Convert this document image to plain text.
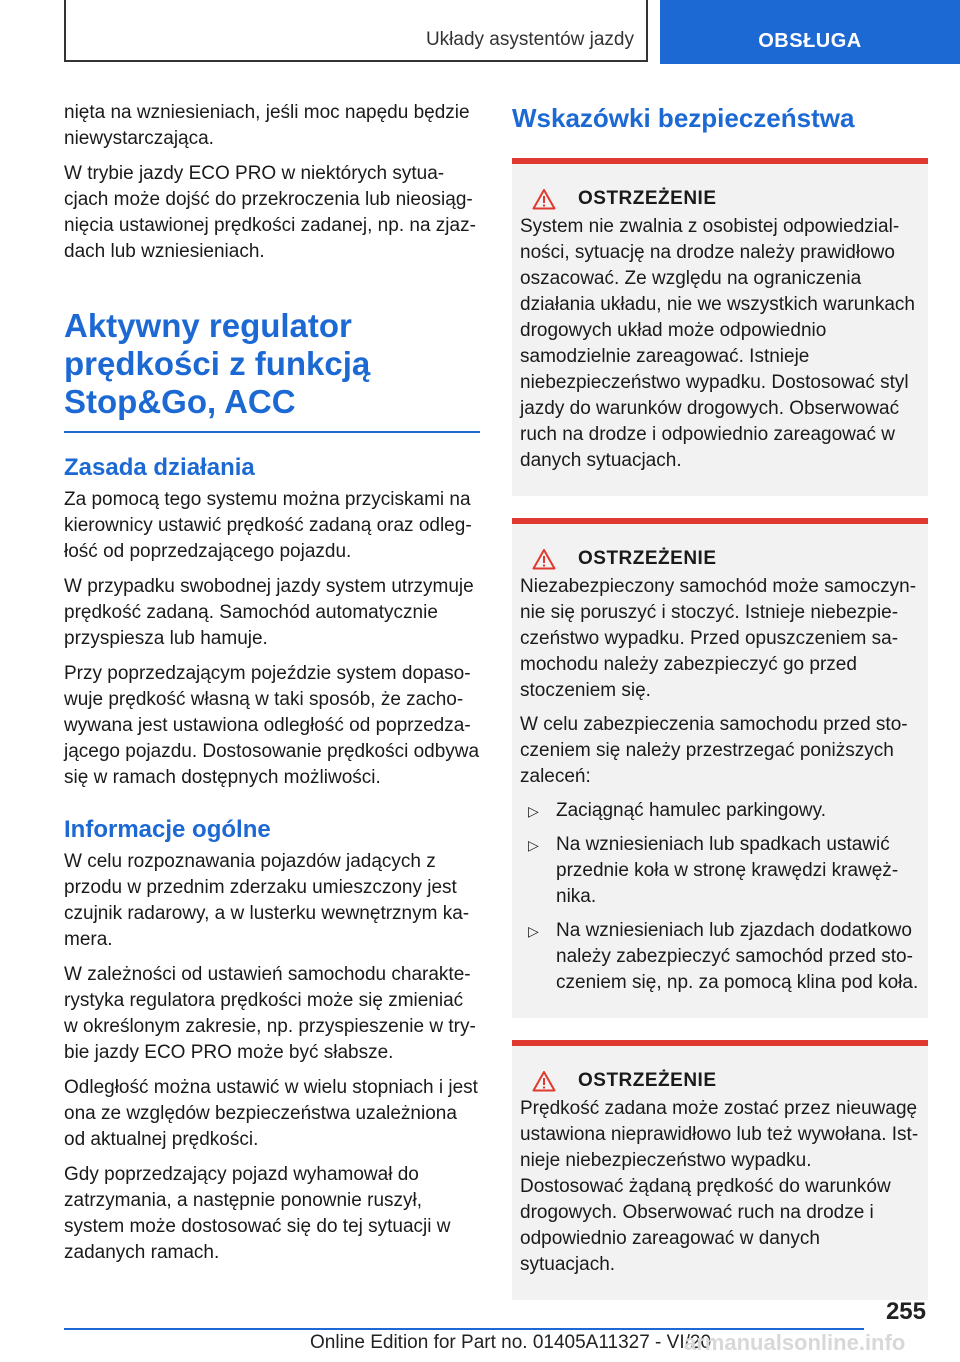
Układy asystentów jazdy	OBSŁUGA

nięta na wzniesieniach, jeśli moc napędu będzie niewystarczająca.

W trybie jazdy ECO PRO w niektórych sytuacjach może dojść do przekroczenia lub nieosiągnięcia ustawionej prędkości zadanej, np. na zjazdach lub wzniesieniach.

Aktywny regulator prędkości z funkcją Stop&Go, ACC
Zasada działania

Za pomocą tego systemu można przyciskami na kierownicy ustawić prędkość zadaną oraz odległość od poprzedzającego pojazdu.

W przypadku swobodnej jazdy system utrzymuje prędkość zadaną. Samochód automatycznie przyspiesza lub hamuje.

Przy poprzedzającym pojeździe system dopasowuje prędkość własną w taki sposób, że zachowywana jest ustawiona odległość od poprzedzającego pojazdu. Dostosowanie prędkości odbywa się w ramach dostępnych możliwości.

Informacje ogólne

W celu rozpoznawania pojazdów jadących z przodu w przednim zderzaku umieszczony jest czujnik radarowy, a w lusterku wewnętrznym kamera.

W zależności od ustawień samochodu charakterystyka regulatora prędkości może się zmieniać w określonym zakresie, np. przyspieszenie w trybie jazdy ECO PRO może być słabsze.

Odległość można ustawić w wielu stopniach i jest ona ze względów bezpieczeństwa uzależniona od aktualnej prędkości.

Gdy poprzedzający pojazd wyhamował do zatrzymania, a następnie ponownie ruszył, system może dostosować się do tej sytuacji w zadanych ramach.

Wskazówki bezpieczeństwa
OSTRZEŻENIE

System nie zwalnia z osobistej odpowiedzialności, sytuację na drodze należy prawidłowo oszacować. Ze względu na ograniczenia działania układu, nie we wszystkich warunkach drogowych układ może odpowiednio samodzielnie zareagować. Istnieje niebezpieczeństwo wypadku. Dostosować styl jazdy do warunków drogowych. Obserwować ruch na drodze i odpowiednio zareagować w danych sytuacjach.

OSTRZEŻENIE

Niezabezpieczony samochód może samoczynnie się poruszyć i stoczyć. Istnieje niebezpieczeństwo wypadku. Przed opuszczeniem samochodu należy zabezpieczyć go przed stoczeniem się.

W celu zabezpieczenia samochodu przed stoczeniem się należy przestrzegać poniższych zaleceń:

▷ Zaciągnąć hamulec parkingowy.
▷ Na wzniesieniach lub spadkach ustawić przednie koła w stronę krawędzi krawężnika.
▷ Na wzniesieniach lub zjazdach dodatkowo należy zabezpieczyć samochód przed stoczeniem się, np. za pomocą klina pod koła.
OSTRZEŻENIE

Prędkość zadana może zostać przez nieuwagę ustawiona nieprawidłowo lub też wywołana. Istnieje niebezpieczeństwo wypadku. Dostosować żądaną prędkość do warunków drogowych. Obserwować ruch na drodze i odpowiednio zareagować w danych sytuacjach.

255
Online Edition for Part no. 01405A11327 - VI/20
armanualsonline.info
